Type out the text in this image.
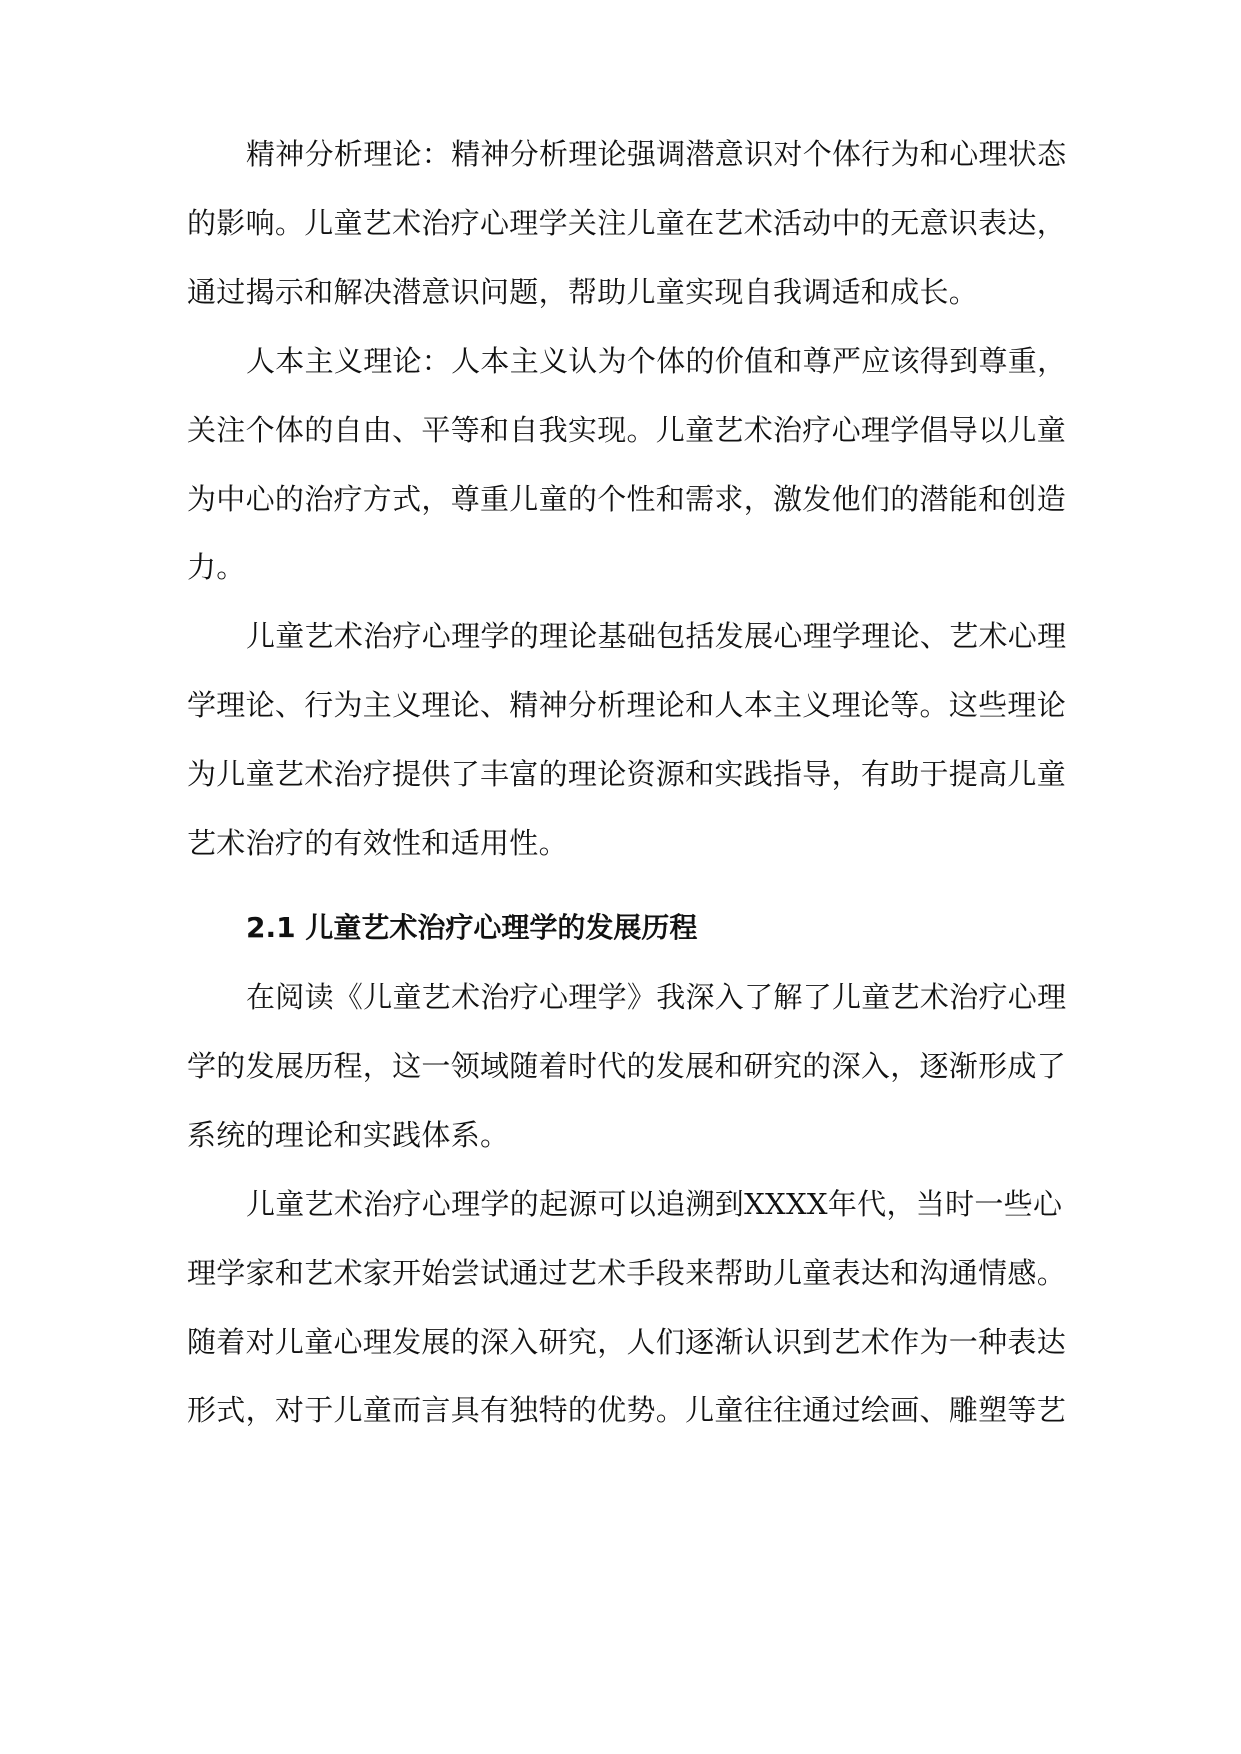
精神分析理论：精神分析理论强调潜意识对个体行为和心理状态
的影响。儿童艺术治疗心理学关注儿童在艺术活动中的无意识表达，
通过揭示和解决潜意识问题，帮助儿童实现自我调适和成长。
人本主义理论：人本主义认为个体的价值和尊严应该得到尊重，
关注个体的自由、平等和自我实现。儿童艺术治疗心理学倡导以儿童
为中心的治疗方式，尊重儿童的个性和需求，激发他们的潜能和创造
力。
儿童艺术治疗心理学的理论基础包括发展心理学理论、艺术心理
学理论、行为主义理论、精神分析理论和人本主义理论等。这些理论
为儿童艺术治疗提供了丰富的理论资源和实践指导，有助于提高儿童
艺术治疗的有效性和适用性。
2.1 儿童艺术治疗心理学的发展历程
在阅读《儿童艺术治疗心理学》我深入了解了儿童艺术治疗心理
学的发展历程，这一领域随着时代的发展和研究的深入，逐渐形成了
系统的理论和实践体系。
儿童艺术治疗心理学的起源可以追溯到XXXX年代，当时一些心
理学家和艺术家开始尝试通过艺术手段来帮助儿童表达和沟通情感。
随着对儿童心理发展的深入研究，人们逐渐认识到艺术作为一种表达
形式，对于儿童而言具有独特的优势。儿童往往通过绘画、雕塑等艺
